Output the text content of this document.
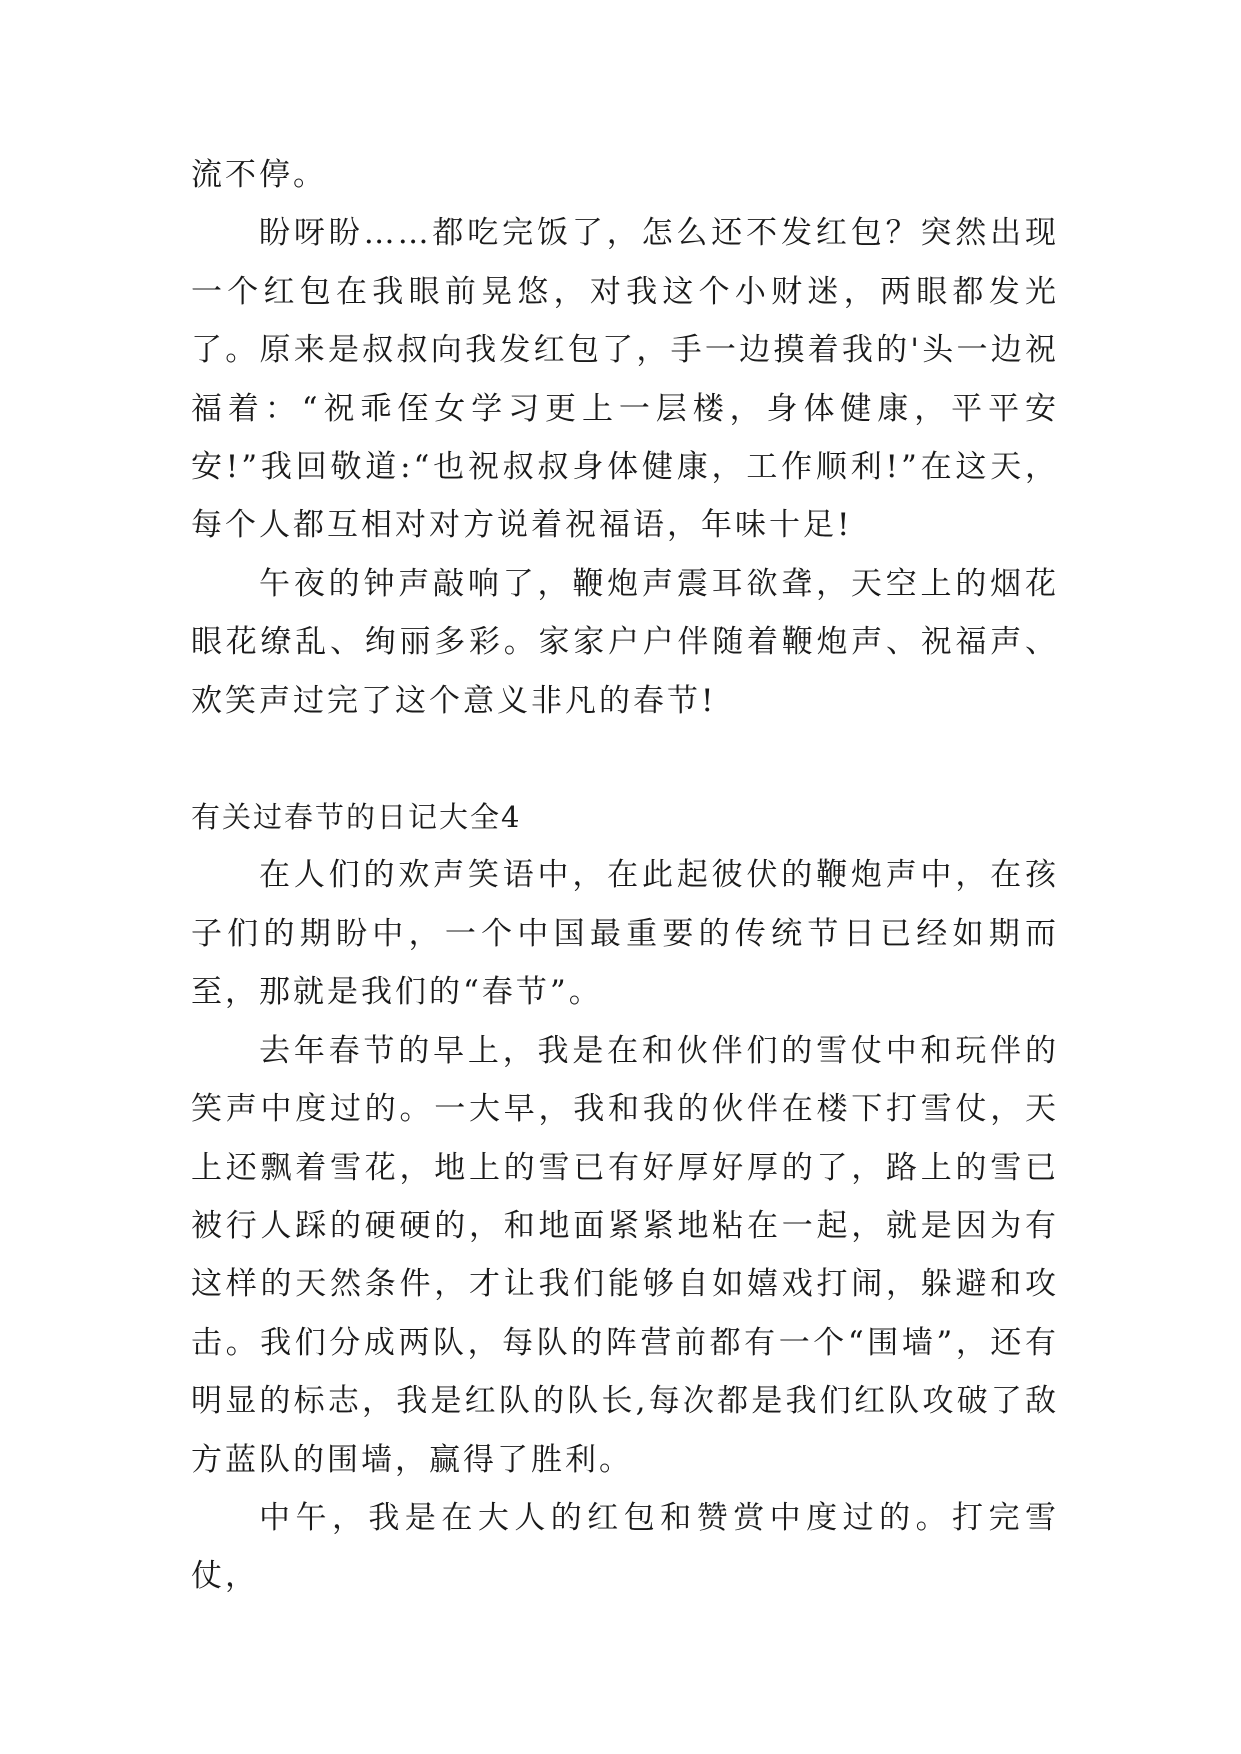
流不停。

盼呀盼……都吃完饭了，怎么还不发红包？突然出现一个红包在我眼前晃悠，对我这个小财迷，两眼都发光了。原来是叔叔向我发红包了，手一边摸着我的'头一边祝福着：“祝乖侄女学习更上一层楼，身体健康，平平安安!”我回敬道:“也祝叔叔身体健康，工作顺利!”在这天，每个人都互相对对方说着祝福语，年味十足!

午夜的钟声敲响了，鞭炮声震耳欲聋，天空上的烟花眼花缭乱、绚丽多彩。家家户户伴随着鞭炮声、祝福声、欢笑声过完了这个意义非凡的春节!

有关过春节的日记大全4

在人们的欢声笑语中，在此起彼伏的鞭炮声中，在孩子们的期盼中，一个中国最重要的传统节日已经如期而至，那就是我们的“春节”。

去年春节的早上，我是在和伙伴们的雪仗中和玩伴的笑声中度过的。一大早，我和我的伙伴在楼下打雪仗，天上还飘着雪花，地上的雪已有好厚好厚的了，路上的雪已被行人踩的硬硬的，和地面紧紧地粘在一起，就是因为有这样的天然条件，才让我们能够自如嬉戏打闹，躲避和攻击。我们分成两队，每队的阵营前都有一个“围墙”，还有明显的标志，我是红队的队长,每次都是我们红队攻破了敌方蓝队的围墙，赢得了胜利。

中午，我是在大人的红包和赞赏中度过的。打完雪仗，
